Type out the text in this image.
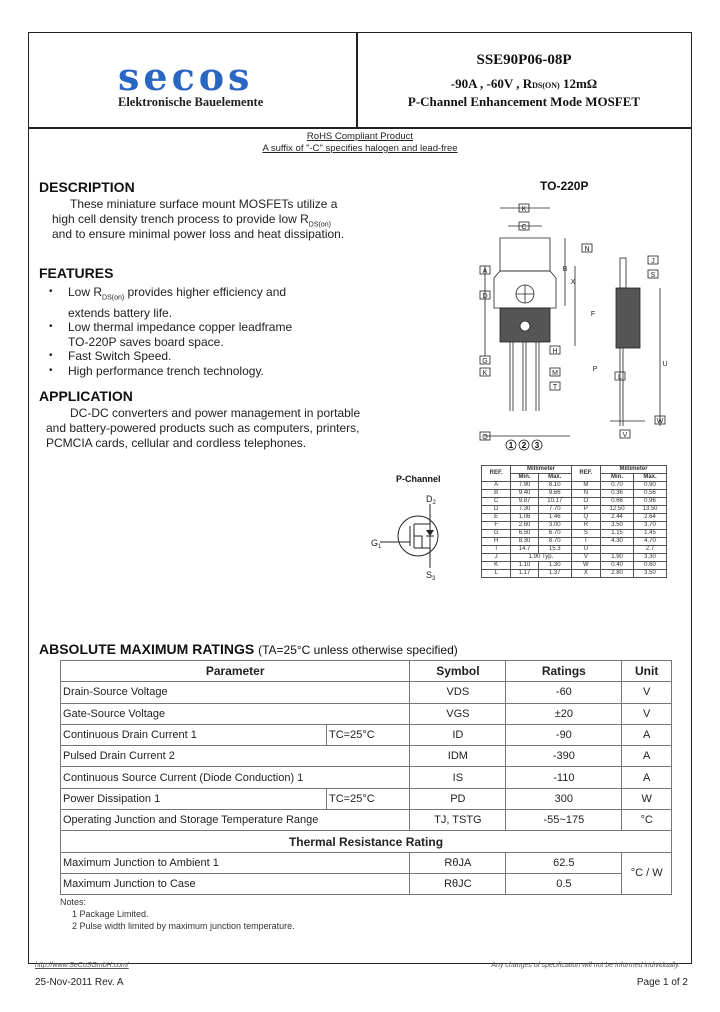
secos
Elektronische Bauelemente
SSE90P06-08P
-90A , -60V , RDS(ON) 12mΩ
P-Channel Enhancement Mode MOSFET
RoHS Compliant Product
A suffix of "-C" specifies halogen and lead-free
DESCRIPTION
These miniature surface mount MOSFETs utilize a
high cell density trench process to provide low $R_{DS(on)}$
and to ensure minimal power loss and heat dissipation.
FEATURES
• Low $R_{DS(on)}$ provides higher efficiency and
extends battery life.
• Low thermal impedance copper leadframe
TO-220P saves board space.
• Fast Switch Speed.
• High performance trench technology.
APPLICATION
DC-DC converters and power management in portable
and battery-powered products such as computers, printers,
PCMCIA cards, cellular and cordless telephones.
TO-220P
K
C
N
A
D
X
B
F
J
S
G
K
H
M
T
Q
L
W
V
U
P
1 2 3
P-Channel
$D_2$
$G_1$
$S_3$
REF.	Millimeter		REF.	Millimeter	
	Min.	Max.		Min.	Max.
A	7.90	8.10	M	0.70	0.90
B	9.40	9.66	N	0.36	0.56
C	9.87	10.17	O	0.66	0.96
D	7.30	7.70	P	12.50	13.50
E	1.06	1.46	Q	2.44	2.64
F	2.60	3.00	R	3.50	3.70
G	6.50	6.70	S	1.15	1.45
H	8.30	8.70	T	4.30	4.70
I	14.7	15.3	U		2.7
J	1.90 Typ.		V	1.90	3.30
K	1.10	1.30	W	0.40	0.60
L	1.17	1.37	X	2.80	3.50
ABSOLUTE MAXIMUM RATINGS (TA=25°C unless otherwise specified)
Parameter		Symbol	Ratings	Unit
Drain-Source Voltage		VDS	-60	V
Gate-Source Voltage		VGS	±20	V
Continuous Drain Current 1	TC=25°C	ID	-90	A
Pulsed Drain Current 2		IDM	-390	A
Continuous Source Current (Diode Conduction) 1		IS	-110	A
Power Dissipation 1	TC=25°C	PD	300	W
Operating Junction and Storage Temperature Range		TJ, TSTG	-55~175	°C
Thermal Resistance Rating				
Maximum Junction to Ambient 1		RθJA	62.5	°C / W
Maximum Junction to Case		RθJC	0.5	
Notes:
1 Package Limited.
2 Pulse width limited by maximum junction temperature.
http://www.SeCoSGmbH.com/	Any changes of specification will not be informed individually.
25-Nov-2011 Rev. A	Page 1 of 2
